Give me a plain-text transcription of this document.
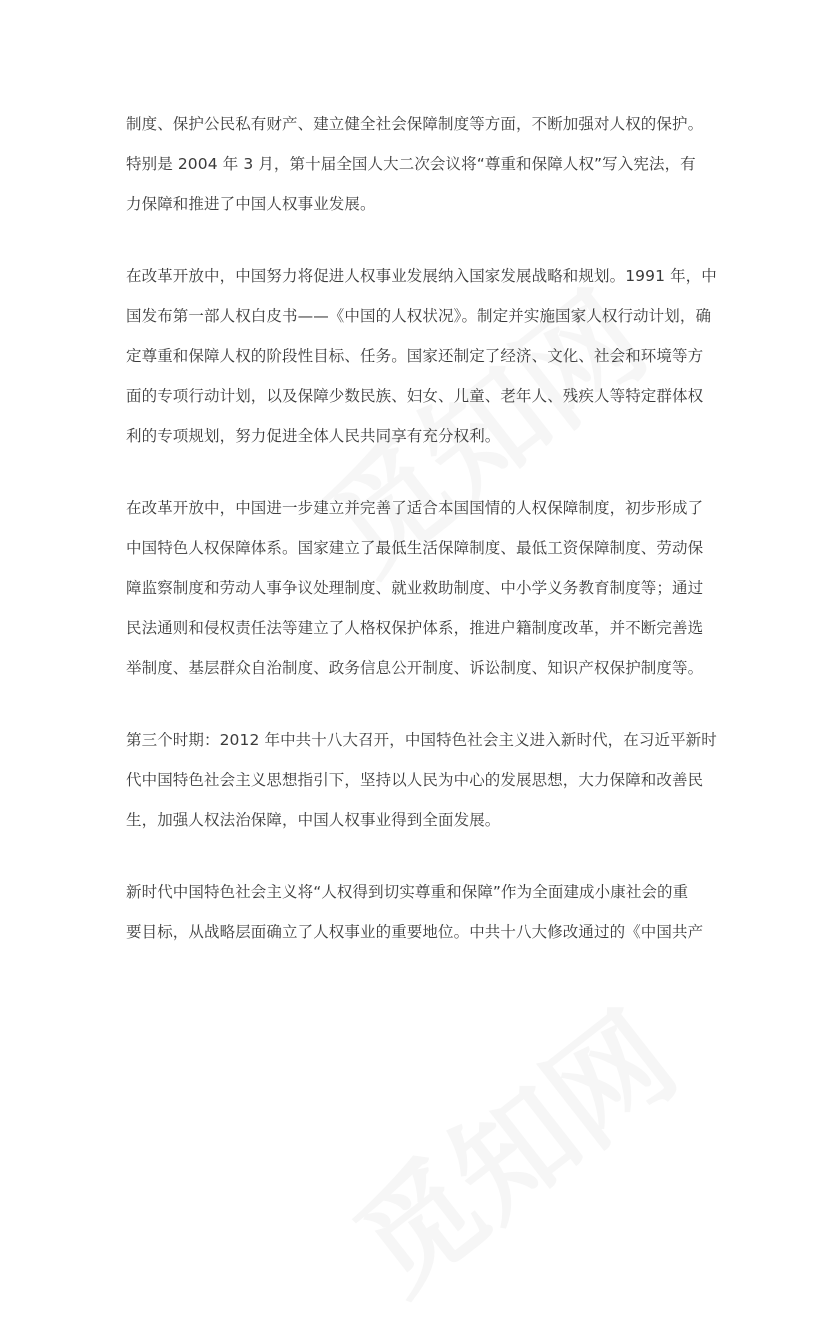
制度、保护公民私有财产、建立健全社会保障制度等方面，不断加强对人权的保护。
特别是 2004 年 3 月，第十届全国人大二次会议将“尊重和保障人权”写入宪法，有
力保障和推进了中国人权事业发展。

在改革开放中，中国努力将促进人权事业发展纳入国家发展战略和规划。1991 年，中
国发布第一部人权白皮书——《中国的人权状况》。制定并实施国家人权行动计划，确
定尊重和保障人权的阶段性目标、任务。国家还制定了经济、文化、社会和环境等方
面的专项行动计划，以及保障少数民族、妇女、儿童、老年人、残疾人等特定群体权
利的专项规划，努力促进全体人民共同享有充分权利。

在改革开放中，中国进一步建立并完善了适合本国国情的人权保障制度，初步形成了
中国特色人权保障体系。国家建立了最低生活保障制度、最低工资保障制度、劳动保
障监察制度和劳动人事争议处理制度、就业救助制度、中小学义务教育制度等；通过
民法通则和侵权责任法等建立了人格权保护体系，推进户籍制度改革，并不断完善选
举制度、基层群众自治制度、政务信息公开制度、诉讼制度、知识产权保护制度等。

第三个时期：2012 年中共十八大召开，中国特色社会主义进入新时代，在习近平新时
代中国特色社会主义思想指引下，坚持以人民为中心的发展思想，大力保障和改善民
生，加强人权法治保障，中国人权事业得到全面发展。

新时代中国特色社会主义将“人权得到切实尊重和保障”作为全面建成小康社会的重
要目标，从战略层面确立了人权事业的重要地位。中共十八大修改通过的《中国共产
